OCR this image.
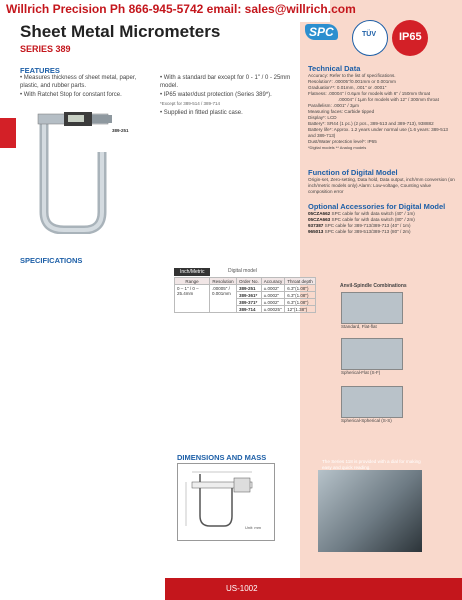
Willrich Precision Ph 866-945-5742 email: sales@willrich.com
Sheet Metal Micrometers
SERIES 389
SPC	TÜV IP65
FEATURES
• Measures thickness of sheet metal, paper, plastic, and rubber parts.
• With Ratchet Stop for constant force.
• With a standard bar except for 0 - 1" / 0 - 25mm model.
• IP65 water/dust protection (Series 389*).
*Except for 389-514 / 389-714
• Supplied in fitted plastic case.
389-251
Technical Data
Accuracy: Refer to the list of specifications.
Resolution*: .00005"/0.001mm or 0.001mm
Graduation**: 0.01mm, .001" or .0001"
Flatness: .00004" / 0.6µm for models with 6" / 150mm throat
.00004" / 1µm for models with 12" / 300mm throat
Parallelism: .0001" / 3µm
Measuring faces: Carbide tipped
Display*: LCD
Battery*: SR44 (1 pc.) (2 pcs., 389-513 and 389-713), 938882
Battery life*: Approx. 1.2 years under normal use (1.6 years: 389-513 and 389-713)
Dust/Water protection level*: IP65
*Digital models ** Analog models
Function of Digital Model
Origin-set, Zero-setting, Data hold, Data output, inch/mm conversion (on inch/metric models only) Alarm: Low-voltage, Counting value composition error
Optional Accessories for Digital Model
05CZA662 SPC cable for with data switch (40" / 1m)
05CZA663 SPC cable for with data switch (80" / 2m)
937387 SPC cable for 389-713/389-713 (40" / 1m)
965013 SPC cable for 389-513/389-713 (80" / 2m)
SPECIFICATIONS
Inch/Metric	Digital model
Range	Resolution	Order No.	Accuracy	Throat depth
0 – 1" / 0 – 25.4mm	.00005" / 0.001mm	389-251	±.0002"	6.3"(1.08")
		389-361*	±.0002"	6.3"(1.08")
		389-371*	±.0002"	6.3"(1.08")
		389-714	±.00025"	12"(1.38")
Anvil-Spindle Combinations
Standard, Flat-flat
Spherical-Flat (S-F)
Spherical-Spherical (S-S)
DIMENSIONS AND MASS
Unit: mm
The Series 118 is provided with a dial for making easy and quick reading.
US-1002
